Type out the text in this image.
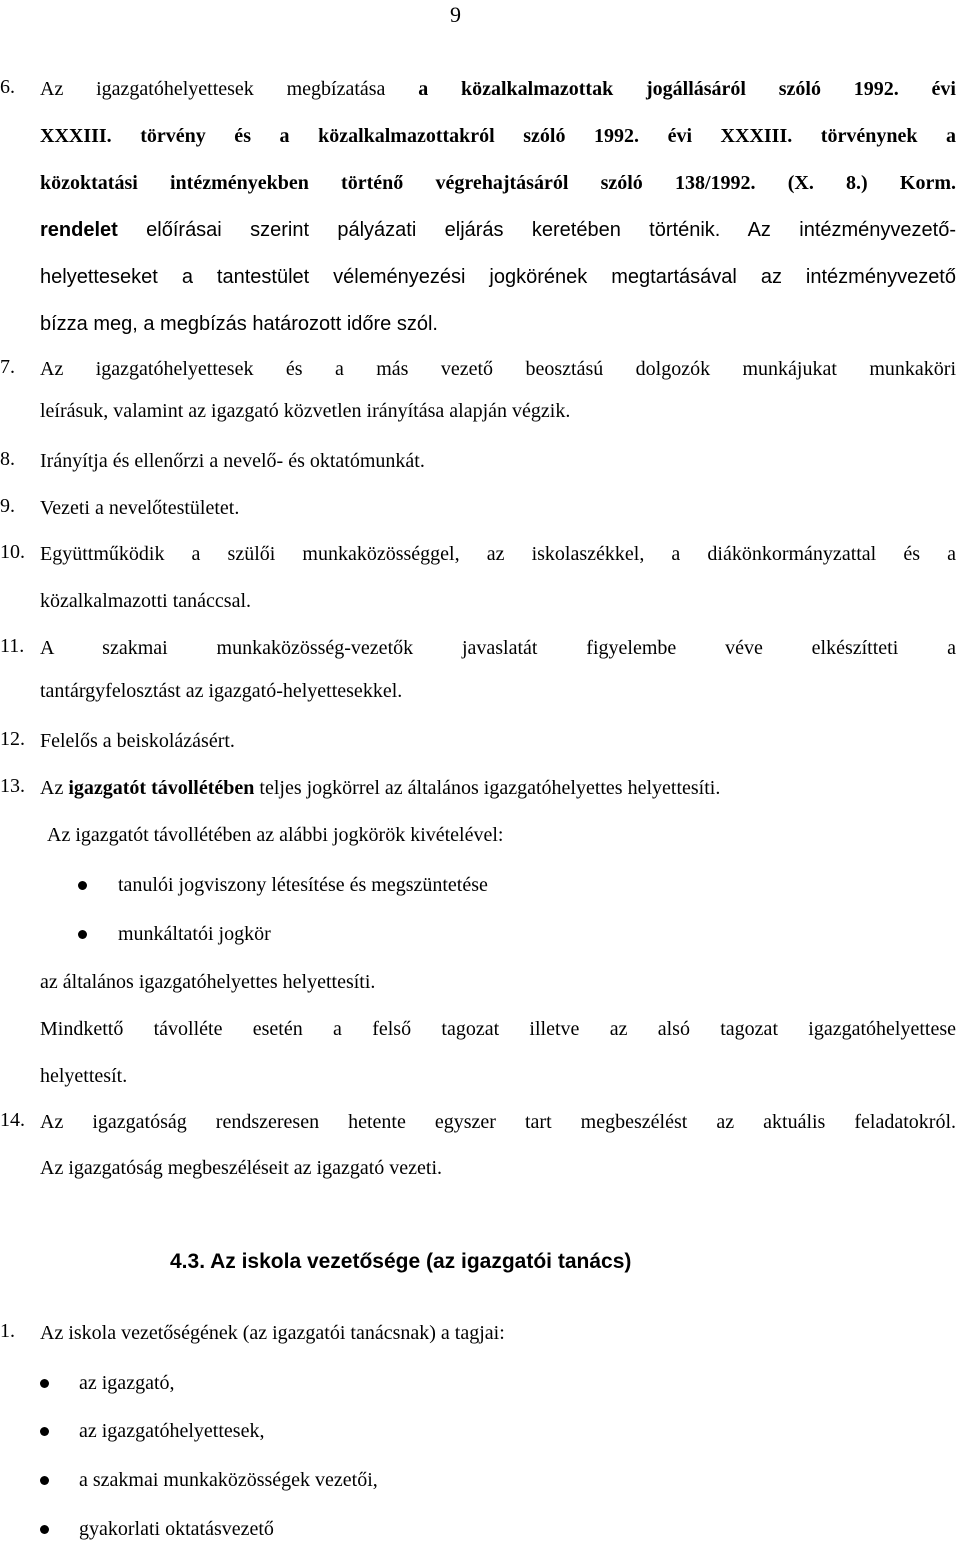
9
6.	Az igazgatóhelyettesek megbízatása a közalkalmazottak jogállásáról szóló 1992. évi
XXXIII. törvény és a közalkalmazottakról szóló 1992. évi XXXIII. törvénynek a
közoktatási intézményekben történő végrehajtásáról szóló 138/1992. (X. 8.) Korm.
rendelet előírásai szerint pályázati eljárás keretében történik. Az intézményvezető-
helyetteseket a tantestület véleményezési jogkörének megtartásával az intézményvezető
bízza meg, a megbízás határozott időre szól.
7.	Az igazgatóhelyettesek és a más vezető beosztású dolgozók munkájukat munkaköri
leírásuk, valamint az igazgató közvetlen irányítása alapján végzik.
8.	Irányítja és ellenőrzi a nevelő- és oktatómunkát.
9.	Vezeti a nevelőtestületet.
10. Együttműködik a szülői munkaközösséggel, az iskolaszékkel, a diákönkormányzattal és a
közalkalmazotti tanáccsal.
11. A szakmai munkaközösség-vezetők javaslatát figyelembe véve elkészítteti a
tantárgyfelosztást az igazgató-helyettesekkel.
12. Felelős a beiskolázásért.
13. Az igazgatót távollétében teljes jogkörrel az általános igazgatóhelyettes helyettesíti.
Az igazgatót távollétében az alábbi jogkörök kivételével:
tanulói jogviszony létesítése és megszüntetése
munkáltatói jogkör
az általános igazgatóhelyettes helyettesíti.
Mindkettő távolléte esetén a felső tagozat illetve az alsó tagozat igazgatóhelyettese
helyettesít.
14. Az igazgatóság rendszeresen hetente egyszer tart megbeszélést az aktuális feladatokról.
Az igazgatóság megbeszéléseit az igazgató vezeti.
4.3. Az iskola vezetősége (az igazgatói tanács)
1.	Az iskola vezetőségének (az igazgatói tanácsnak) a tagjai:
az igazgató,
az igazgatóhelyettesek,
a szakmai munkaközösségek vezetői,
gyakorlati oktatásvezető
